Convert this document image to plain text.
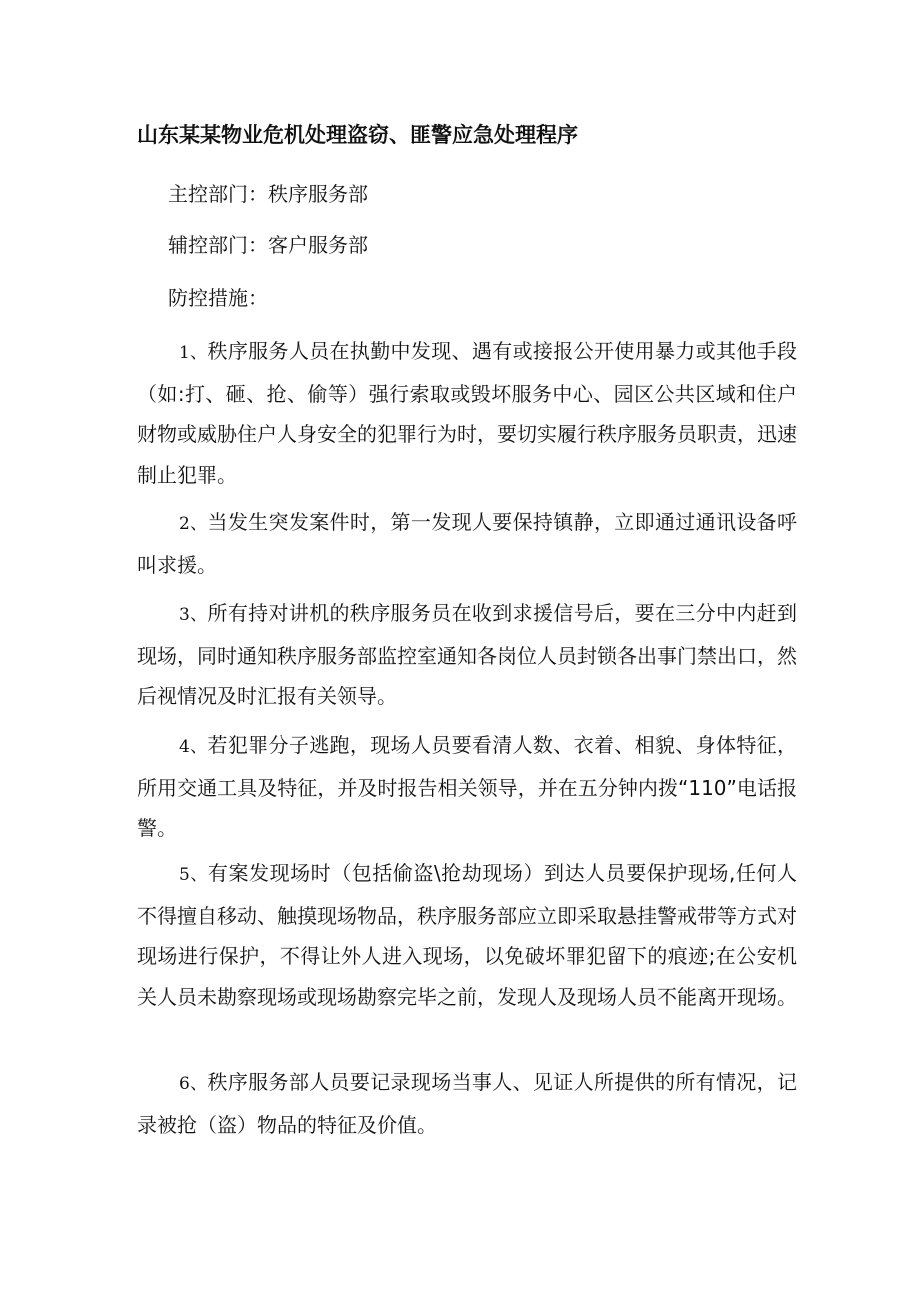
山东某某物业危机处理盗窃、匪警应急处理程序
主控部门：秩序服务部
辅控部门：客户服务部
防控措施：

1、秩序服务人员在执勤中发现、遇有或接报公开使用暴力或其他手段（如:打、砸、抢、偷等）强行索取或毁坏服务中心、园区公共区域和住户财物或威胁住户人身安全的犯罪行为时，要切实履行秩序服务员职责，迅速制止犯罪。

2、当发生突发案件时，第一发现人要保持镇静，立即通过通讯设备呼叫求援。

3、所有持对讲机的秩序服务员在收到求援信号后，要在三分中内赶到现场，同时通知秩序服务部监控室通知各岗位人员封锁各出事门禁出口，然后视情况及时汇报有关领导。

4、若犯罪分子逃跑，现场人员要看清人数、衣着、相貌、身体特征，所用交通工具及特征，并及时报告相关领导，并在五分钟内拨“110”电话报警。

5、有案发现场时（包括偷盗\抢劫现场）到达人员要保护现场,任何人不得擅自移动、触摸现场物品，秩序服务部应立即采取悬挂警戒带等方式对现场进行保护，不得让外人进入现场，以免破坏罪犯留下的痕迹;在公安机关人员未勘察现场或现场勘察完毕之前，发现人及现场人员不能离开现场。

6、秩序服务部人员要记录现场当事人、见证人所提供的所有情况，记录被抢（盗）物品的特征及价值。
